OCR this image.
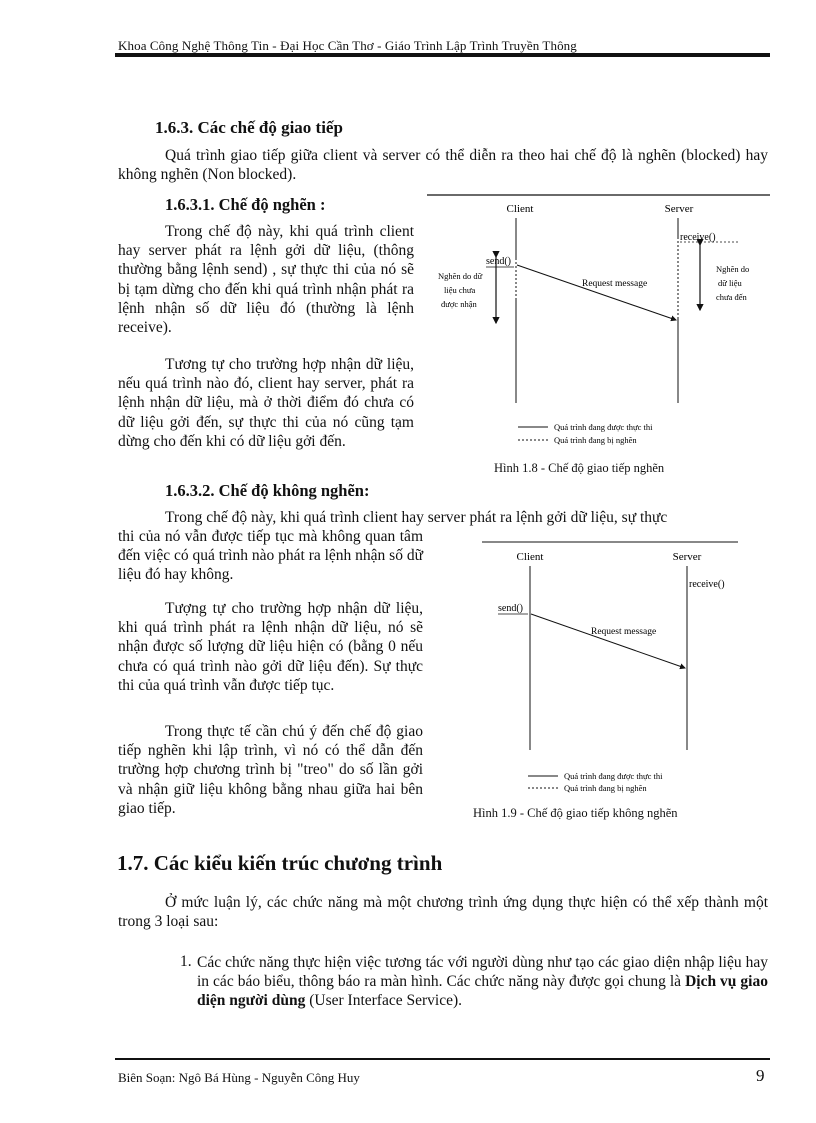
Khoa Công Nghệ Thông Tin - Đại Học Cần Thơ - Giáo Trình Lập Trình Truyền Thông
1.6.3. Các chế độ giao tiếp

Quá trình giao tiếp giữa client và server có thể diễn ra theo hai chế độ là nghẽn (blocked) hay không nghẽn (Non blocked).

1.6.3.1. Chế độ nghẽn :

Trong chế độ này, khi quá trình client hay server phát ra lệnh gởi dữ liệu, (thông thường bằng lệnh send) , sự thực thi của nó sẽ bị tạm dừng cho đến khi quá trình nhận phát ra lệnh nhận số dữ liệu đó (thường là lệnh receive).

Tương tự cho trường hợp nhận dữ liệu, nếu quá trình nào đó, client hay server, phát ra lệnh nhận dữ liệu, mà ở thời điểm đó chưa có dữ liệu gởi đến, sự thực thi của nó cũng tạm dừng cho đến khi có dữ liệu gởi đến.

Client	Server
send()
receive()
Request message
Nghẽn do dữ
liệu chưa
được nhận
Nghẽn do
dữ liệu
chưa đến
Quá trình đang được thực thi
Quá trình đang bị nghẽn
Hình 1.8 - Chế độ giao tiếp nghẽn
1.6.3.2. Chế độ không nghẽn:

Trong chế độ này, khi quá trình client hay server phát ra lệnh gởi dữ liệu, sự thực

thi của nó vẫn được tiếp tục mà không quan tâm đến việc có quá trình nào phát ra lệnh nhận số dữ liệu đó hay không.

Tượng tự cho trường hợp nhận dữ liệu, khi quá trình phát ra lệnh nhận dữ liệu, nó sẽ nhận được số lượng dữ liệu hiện có (bằng 0 nếu chưa có quá trình nào gởi dữ liệu đến). Sự thực thi của quá trình vẫn được tiếp tục.

Trong thực tế cần chú ý đến chế độ giao tiếp nghẽn khi lập trình, vì nó có thể dẫn đến trường hợp chương trình bị "treo" do số lần gởi và nhận giữ liệu không bằng nhau giữa hai bên giao tiếp.

Client	Server
send()
receive()
Request message
Quá trình đang được thực thi
Quá trình đang bị nghẽn
Hình 1.9 - Chế độ giao tiếp không nghẽn
1.7. Các kiểu kiến trúc chương trình

Ở mức luận lý, các chức năng mà một chương trình ứng dụng thực hiện có thể xếp thành một trong 3 loại sau:

1. Các chức năng thực hiện việc tương tác với người dùng như tạo các giao diện nhập liệu hay in các báo biểu, thông báo ra màn hình. Các chức năng này được gọi chung là Dịch vụ giao diện người dùng (User Interface Service).

Biên Soạn: Ngô Bá Hùng - Nguyễn Công Huy	9
